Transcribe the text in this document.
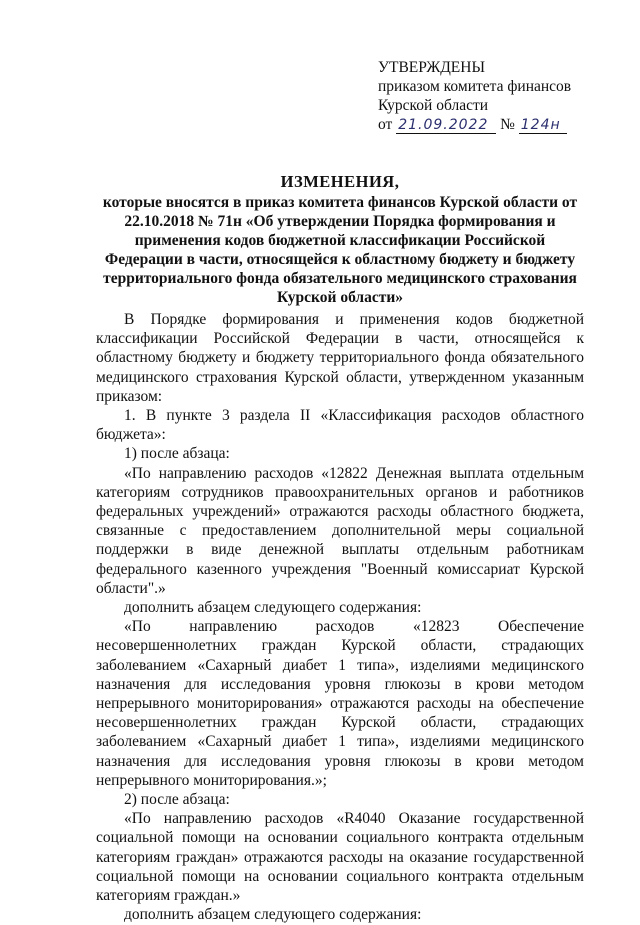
УТВЕРЖДЕНЫ
приказом комитета финансов
Курской области
от 21.09.2022 № 124н
ИЗМЕНЕНИЯ,
которые вносятся в приказ комитета финансов Курской области от 22.10.2018 № 71н «Об утверждении Порядка формирования и применения кодов бюджетной классификации Российской Федерации в части, относящейся к областному бюджету и бюджету территориального фонда обязательного медицинского страхования Курской области»

В Порядке формирования и применения кодов бюджетной классификации Российской Федерации в части, относящейся к областному бюджету и бюджету территориального фонда обязательного медицинского страхования Курской области, утвержденном указанным приказом:

1. В пункте 3 раздела II «Классификация расходов областного бюджета»:

1) после абзаца:

«По направлению расходов «12822 Денежная выплата отдельным категориям сотрудников правоохранительных органов и работников федеральных учреждений» отражаются расходы областного бюджета, связанные с предоставлением дополнительной меры социальной поддержки в виде денежной выплаты отдельным работникам федерального казенного учреждения "Военный комиссариат Курской области".»

дополнить абзацем следующего содержания:

«По направлению расходов «12823 Обеспечение несовершеннолетних граждан Курской области, страдающих заболеванием «Сахарный диабет 1 типа», изделиями медицинского назначения для исследования уровня глюкозы в крови методом непрерывного мониторирования» отражаются расходы на обеспечение несовершеннолетних граждан Курской области, страдающих заболеванием «Сахарный диабет 1 типа», изделиями медицинского назначения для исследования уровня глюкозы в крови методом непрерывного мониторирования.»;

2) после абзаца:

«По направлению расходов «R4040 Оказание государственной социальной помощи на основании социального контракта отдельным категориям граждан» отражаются расходы на оказание государственной социальной помощи на основании социального контракта отдельным категориям граждан.»

дополнить абзацем следующего содержания:
